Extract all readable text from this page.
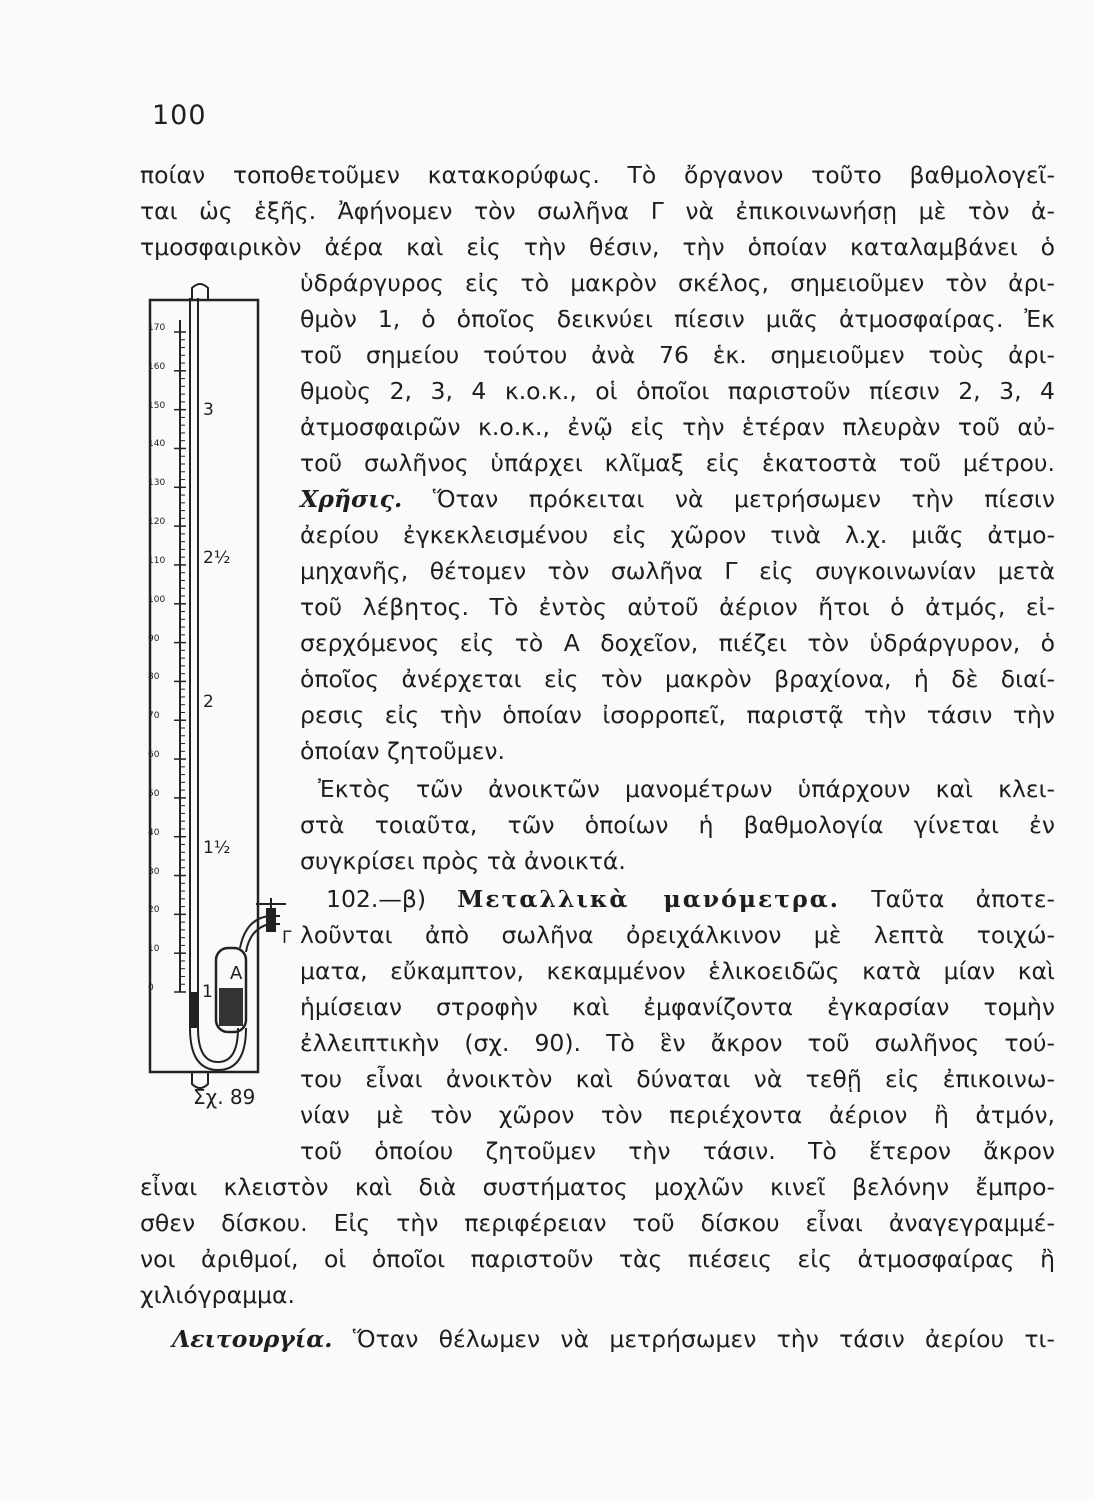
100
ποίαν τοποθετοῦμεν κατακορύφως. Τὸ ὄργανον τοῦτο βαθμολογεῖ-
ται ὡς ἑξῆς. Ἀφήνομεν τὸν σωλῆνα Γ νὰ ἐπικοινωνήσῃ μὲ τὸν ἀ-
τμοσφαιρικὸν ἀέρα καὶ εἰς τὴν θέσιν, τὴν ὁποίαν καταλαμβάνει ὁ
ὑδράργυρος εἰς τὸ μακρὸν σκέλος, σημειοῦμεν τὸν ἀρι-
θμὸν 1, ὁ ὁποῖος δεικνύει πίεσιν μιᾶς ἀτμοσφαίρας. Ἐκ
τοῦ σημείου τούτου ἀνὰ 76 ἑκ. σημειοῦμεν τοὺς ἀρι-
θμοὺς 2, 3, 4 κ.ο.κ., οἱ ὁποῖοι παριστοῦν πίεσιν 2, 3, 4
ἀτμοσφαιρῶν κ.ο.κ., ἐνῷ εἰς τὴν ἑτέραν πλευρὰν τοῦ αὐ-
τοῦ σωλῆνος ὑπάρχει κλῖμαξ εἰς ἑκατοστὰ τοῦ μέτρου.
Χρῆσις. Ὅταν πρόκειται νὰ μετρήσωμεν τὴν πίεσιν
ἀερίου ἐγκεκλεισμένου εἰς χῶρον τινὰ λ.χ. μιᾶς ἀτμο-
μηχανῆς, θέτομεν τὸν σωλῆνα Γ εἰς συγκοινωνίαν μετὰ
τοῦ λέβητος. Τὸ ἐντὸς αὐτοῦ ἀέριον ἤτοι ὁ ἀτμός, εἰ-
σερχόμενος εἰς τὸ Α δοχεῖον, πιέζει τὸν ὑδράργυρον, ὁ
ὁποῖος ἀνέρχεται εἰς τὸν μακρὸν βραχίονα, ἡ δὲ διαί-
ρεσις εἰς τὴν ὁποίαν ἰσορροπεῖ, παριστᾷ τὴν τάσιν τὴν
ὁποίαν ζητοῦμεν.
Ἐκτὸς τῶν ἀνοικτῶν μανομέτρων ὑπάρχουν καὶ κλει-
στὰ τοιαῦτα, τῶν ὁποίων ἡ βαθμολογία γίνεται ἐν
συγκρίσει πρὸς τὰ ἀνοικτά.
102.—β) Μεταλλικὰ μανόμετρα. Ταῦτα ἀποτε-
λοῦνται ἀπὸ σωλῆνα ὀρειχάλκινον μὲ λεπτὰ τοιχώ-
ματα, εὔκαμπτον, κεκαμμένον ἑλικοειδῶς κατὰ μίαν καὶ
ἡμίσειαν στροφὴν καὶ ἐμφανίζοντα ἐγκαρσίαν τομὴν
ἐλλειπτικὴν (σχ. 90). Τὸ ἓν ἄκρον τοῦ σωλῆνος τού-
του εἶναι ἀνοικτὸν καὶ δύναται νὰ τεθῇ εἰς ἐπικοινω-
νίαν μὲ τὸν χῶρον τὸν περιέχοντα ἀέριον ἢ ἀτμόν,
τοῦ ὁποίου ζητοῦμεν τὴν τάσιν. Τὸ ἕτερον ἄκρον
εἶναι κλειστὸν καὶ διὰ συστήματος μοχλῶν κινεῖ βελόνην ἔμπρο-
σθεν δίσκου. Εἰς τὴν περιφέρειαν τοῦ δίσκου εἶναι ἀναγεγραμμέ-
νοι ἀριθμοί, οἱ ὁποῖοι παριστοῦν τὰς πιέσεις εἰς ἀτμοσφαίρας ἢ
χιλιόγραμμα.
Λειτουργία. Ὅταν θέλωμεν νὰ μετρήσωμεν τὴν τάσιν ἀερίου τι-
Α
Γ
170
160
150
140
130
120
110
100
90
80
70
60
50
40
30
20
10
0
3
2½
2
1½
1
Σχ. 89
